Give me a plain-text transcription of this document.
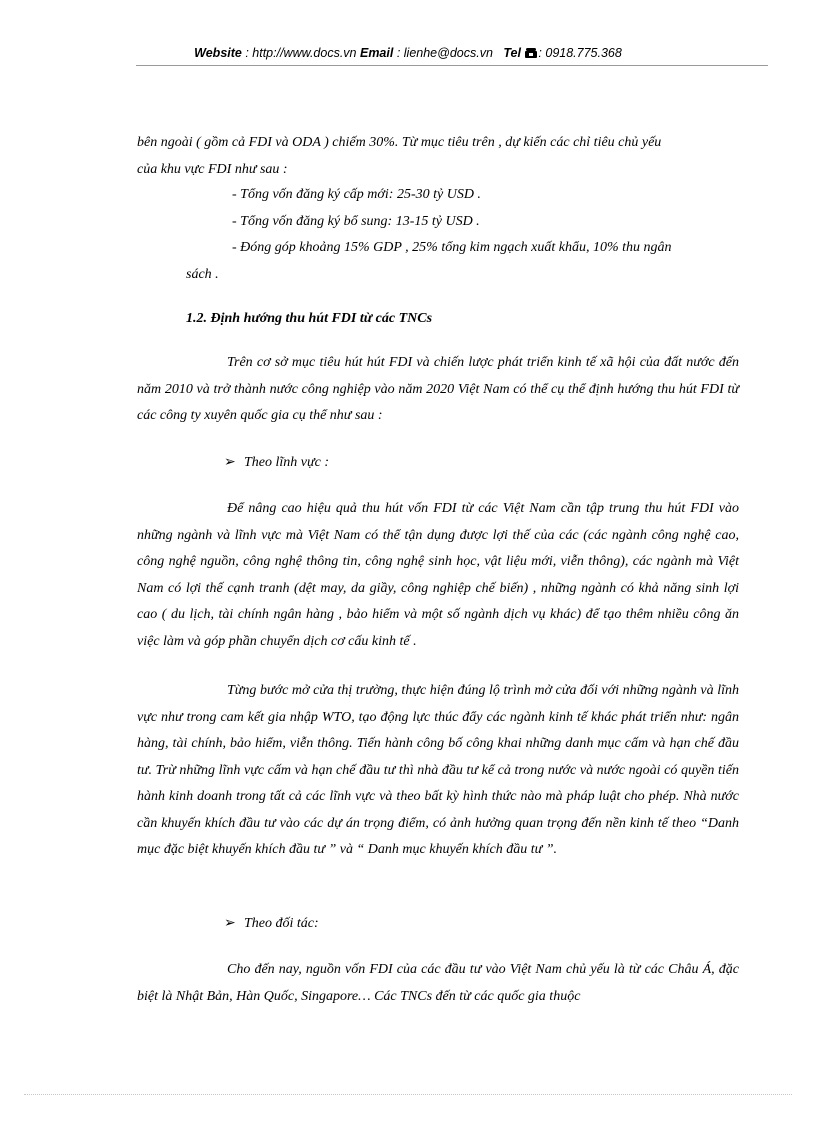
Website : http://www.docs.vn Email : lienhe@docs.vn Tel : 0918.775.368
bên ngoài ( gồm cả FDI và ODA ) chiếm 30%. Từ mục tiêu trên , dự kiến các chỉ tiêu chủ yếu
của khu vực FDI như sau :
- Tổng vốn đăng ký cấp mới: 25-30 tỷ USD .
- Tổng vốn đăng ký bổ sung: 13-15 tỷ USD .
- Đóng góp khoảng 15% GDP , 25% tổng kim ngạch xuất khẩu, 10% thu ngân
sách .
1.2. Định hướng thu hút FDI từ các TNCs

Trên cơ sở mục tiêu hút hút FDI và chiến lược phát triển kinh tế xã hội của đất nước đến năm 2010 và trở thành nước công nghiệp vào năm 2020 Việt Nam có thể cụ thể định hướng thu hút FDI từ các công ty xuyên quốc gia cụ thể như sau :

➢ Theo lĩnh vực :

Để nâng cao hiệu quả thu hút vốn FDI từ các Việt Nam cần tập trung thu hút FDI vào những ngành và lĩnh vực mà Việt Nam có thể tận dụng được lợi thế của các (các ngành công nghệ cao, công nghệ nguồn, công nghệ thông tin, công nghệ sinh học, vật liệu mới, viễn thông), các ngành mà Việt Nam có lợi thế cạnh tranh (dệt may, da giầy, công nghiệp chế biến) , những ngành có khả năng sinh lợi cao ( du lịch, tài chính ngân hàng , bảo hiểm và một số ngành dịch vụ khác) để tạo thêm nhiều công ăn việc làm và góp phần chuyển dịch cơ cấu kinh tế .

Từng bước mở cửa thị trường, thực hiện đúng lộ trình mở cửa đối với những ngành và lĩnh vực như trong cam kết gia nhập WTO, tạo động lực thúc đẩy các ngành kinh tế khác phát triển như: ngân hàng, tài chính, bảo hiểm, viễn thông. Tiến hành công bố công khai những danh mục cấm và hạn chế đầu tư. Trừ những lĩnh vực cấm và hạn chế đầu tư thì nhà đầu tư kể cả trong nước và nước ngoài có quyền tiến hành kinh doanh trong tất cả các lĩnh vực và theo bất kỳ hình thức nào mà pháp luật cho phép. Nhà nước cần khuyến khích đầu tư vào các dự án trọng điểm, có ảnh hưởng quan trọng đến nền kinh tế theo “Danh mục đặc biệt khuyến khích đầu tư ” và “ Danh mục khuyến khích đầu tư ”.

➢ Theo đối tác:

Cho đến nay, nguồn vốn FDI của các đầu tư vào Việt Nam chủ yếu là từ các Châu Á, đặc biệt là Nhật Bản, Hàn Quốc, Singapore… Các TNCs đến từ các quốc gia thuộc
